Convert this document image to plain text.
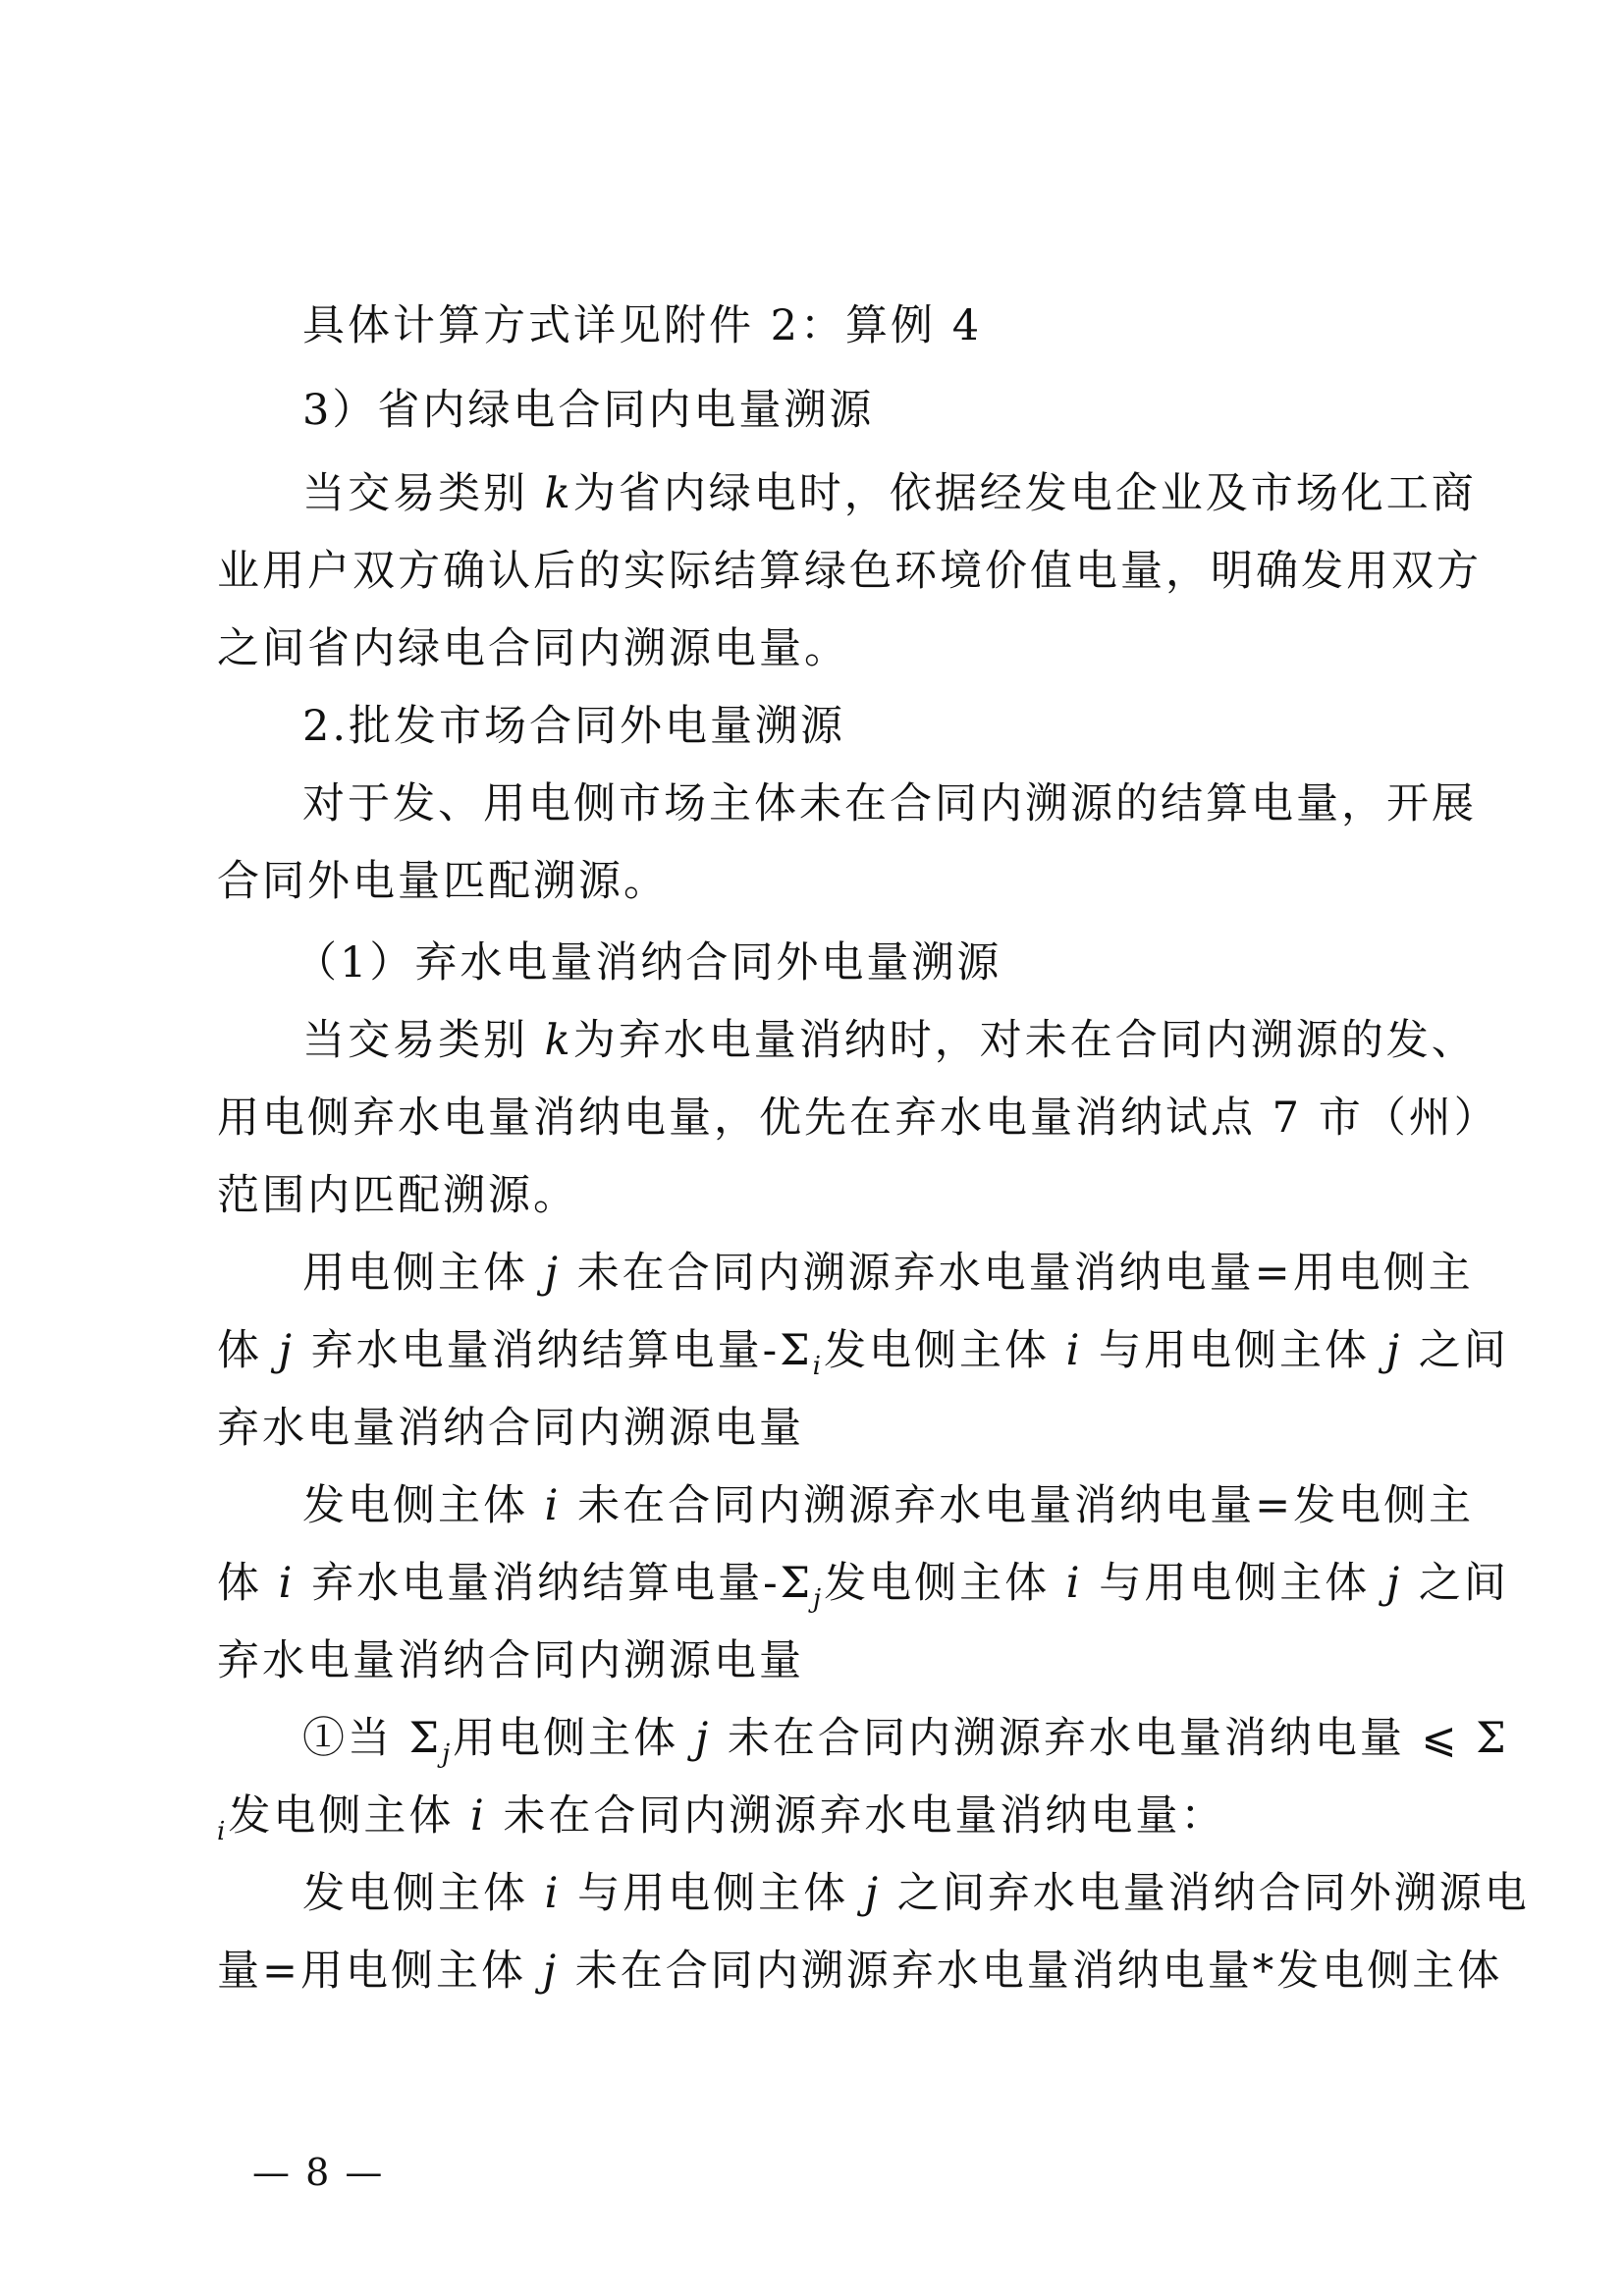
具体计算方式详见附件 2：算例 4
3）省内绿电合同内电量溯源
当交易类别 k为省内绿电时，依据经发电企业及市场化工商
业用户双方确认后的实际结算绿色环境价值电量，明确发用双方
之间省内绿电合同内溯源电量。
2.批发市场合同外电量溯源
对于发、用电侧市场主体未在合同内溯源的结算电量，开展
合同外电量匹配溯源。
（1）弃水电量消纳合同外电量溯源
当交易类别 k为弃水电量消纳时，对未在合同内溯源的发、
用电侧弃水电量消纳电量，优先在弃水电量消纳试点 7 市（州）
范围内匹配溯源。
用电侧主体 j 未在合同内溯源弃水电量消纳电量=用电侧主
体 j 弃水电量消纳结算电量$-\Sigma_i$发电侧主体 i 与用电侧主体 j 之间
弃水电量消纳合同内溯源电量
发电侧主体 i 未在合同内溯源弃水电量消纳电量=发电侧主
体 i 弃水电量消纳结算电量$-\Sigma_j$发电侧主体 i 与用电侧主体 j 之间
弃水电量消纳合同内溯源电量
①当 $\Sigma_j$用电侧主体 j 未在合同内溯源弃水电量消纳电量 ⩽ Σ
$_i$发电侧主体 i 未在合同内溯源弃水电量消纳电量：
发电侧主体 i 与用电侧主体 j 之间弃水电量消纳合同外溯源电
量=用电侧主体 j 未在合同内溯源弃水电量消纳电量*发电侧主体
— 8 —
